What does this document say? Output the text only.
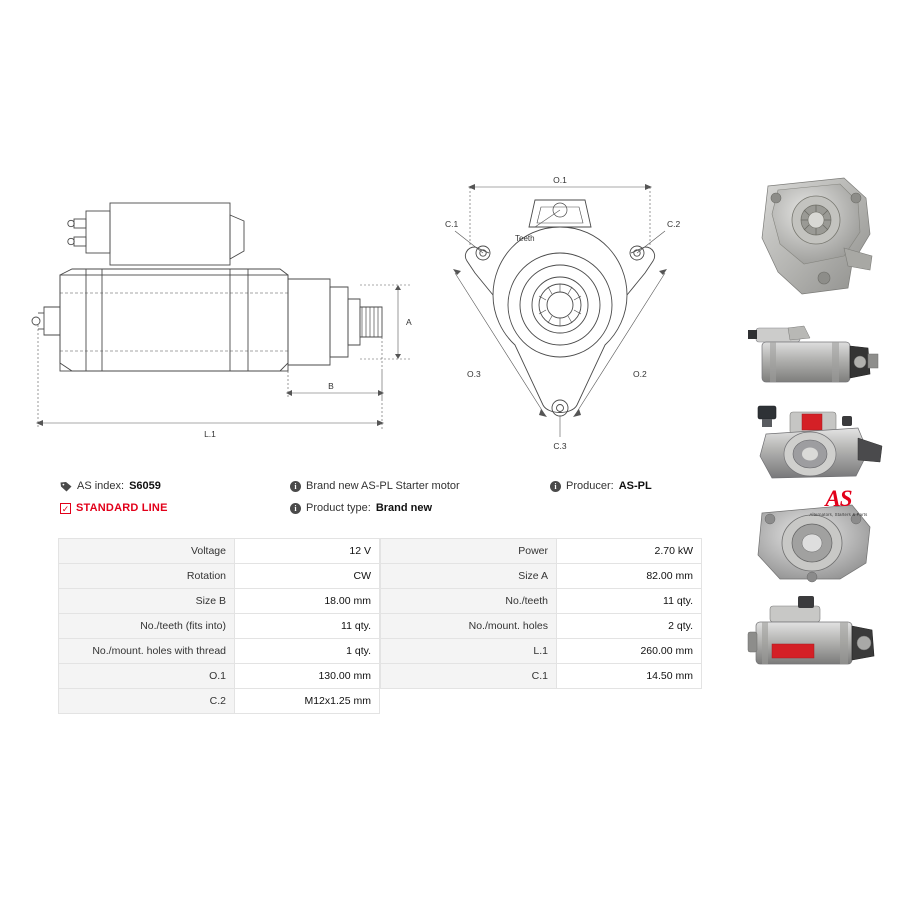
A
B
L.1
O.1
O.3	O.2
C.1	C.2
C.3
Teeth
AS
Alternators, Starters & Parts
AS index: S6059	i Brand new AS-PL Starter motor	i Producer: AS-PL
✓ STANDARD LINE	i Product type: Brand new
Voltage	12 V
Rotation	CW
Size B	18.00 mm
No./teeth (fits into)	11 qty.
No./mount. holes with thread	1 qty.
O.1	130.00 mm
C.2	M12x1.25 mm
Power	2.70 kW
Size A	82.00 mm
No./teeth	11 qty.
No./mount. holes	2 qty.
L.1	260.00 mm
C.1	14.50 mm
